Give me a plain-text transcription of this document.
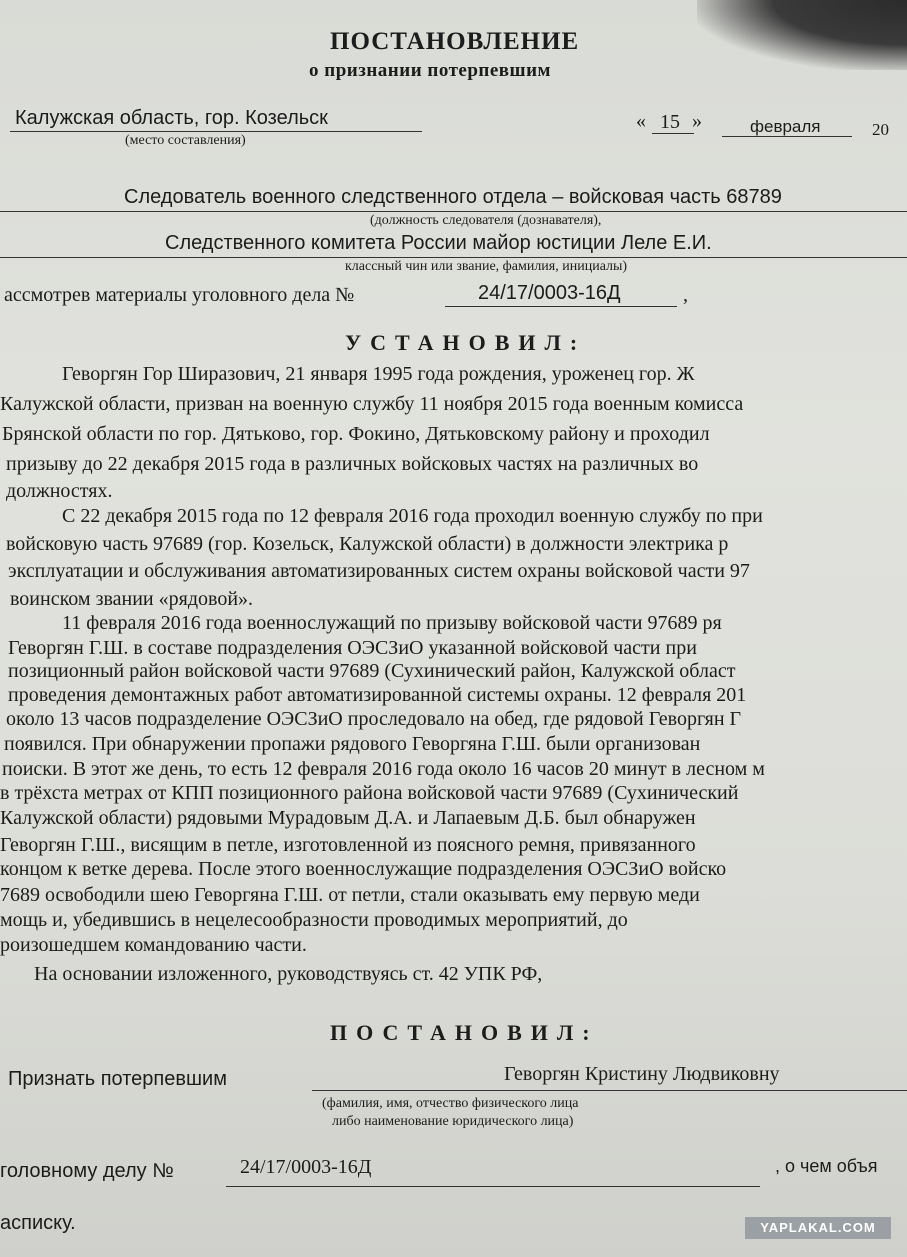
ПОСТАНОВЛЕНИЕ
о признании потерпевшим
Калужская область, гор. Козельск
(место составления)
« 15 »	февраля	20
Следователь военного следственного отдела – войсковая часть 68789
(должность следователя (дознавателя),
Следственного комитета России майор юстиции Леле Е.И.
классный чин или звание, фамилия, инициалы)
ассмотрев материалы уголовного дела №	24/17/0003-16Д	,
УСТАНОВИЛ:
Геворгян Гор Ширазович, 21 января 1995 года рождения, уроженец гор. Ж
Калужской области, призван на военную службу 11 ноября 2015 года военным комисса
Брянской области по гор. Дятьково, гор. Фокино, Дятьковскому району и проходил
призыву до 22 декабря 2015 года в различных войсковых частях на различных во
должностях.
С 22 декабря 2015 года по 12 февраля 2016 года проходил военную службу по при
войсковую часть 97689 (гор. Козельск, Калужской области) в должности электрика р
эксплуатации и обслуживания автоматизированных систем охраны войсковой части 97
воинском звании «рядовой».
11 февраля 2016 года военнослужащий по призыву войсковой части 97689 ря
Геворгян Г.Ш. в составе подразделения ОЭСЗиО указанной войсковой части при
позиционный район войсковой части 97689 (Сухинический район, Калужской област
проведения демонтажных работ автоматизированной системы охраны. 12 февраля 201
около 13 часов подразделение ОЭСЗиО проследовало на обед, где рядовой Геворгян Г
появился. При обнаружении пропажи рядового Геворгяна Г.Ш. были организован
поиски. В этот же день, то есть 12 февраля 2016 года около 16 часов 20 минут в лесном м
в трёхста метрах от КПП позиционного района войсковой части 97689 (Сухинический
Калужской области) рядовыми Мурадовым Д.А. и Лапаевым Д.Б. был обнаружен
Геворгян Г.Ш., висящим в петле, изготовленной из поясного ремня, привязанного
концом к ветке дерева. После этого военнослужащие подразделения ОЭСЗиО войско
7689 освободили шею Геворгяна Г.Ш. от петли, стали оказывать ему первую меди
мощь и, убедившись в нецелесообразности проводимых мероприятий, до
роизошедшем командованию части.
На основании изложенного, руководствуясь ст. 42 УПК РФ,
ПОСТАНОВИЛ:
Признать потерпевшим	Геворгян Кристину Людвиковну
(фамилия, имя, отчество физического лица
либо наименование юридического лица)
головному делу №	24/17/0003-16Д	, о чем объя
асписку.	YAPLAKAL.COM
